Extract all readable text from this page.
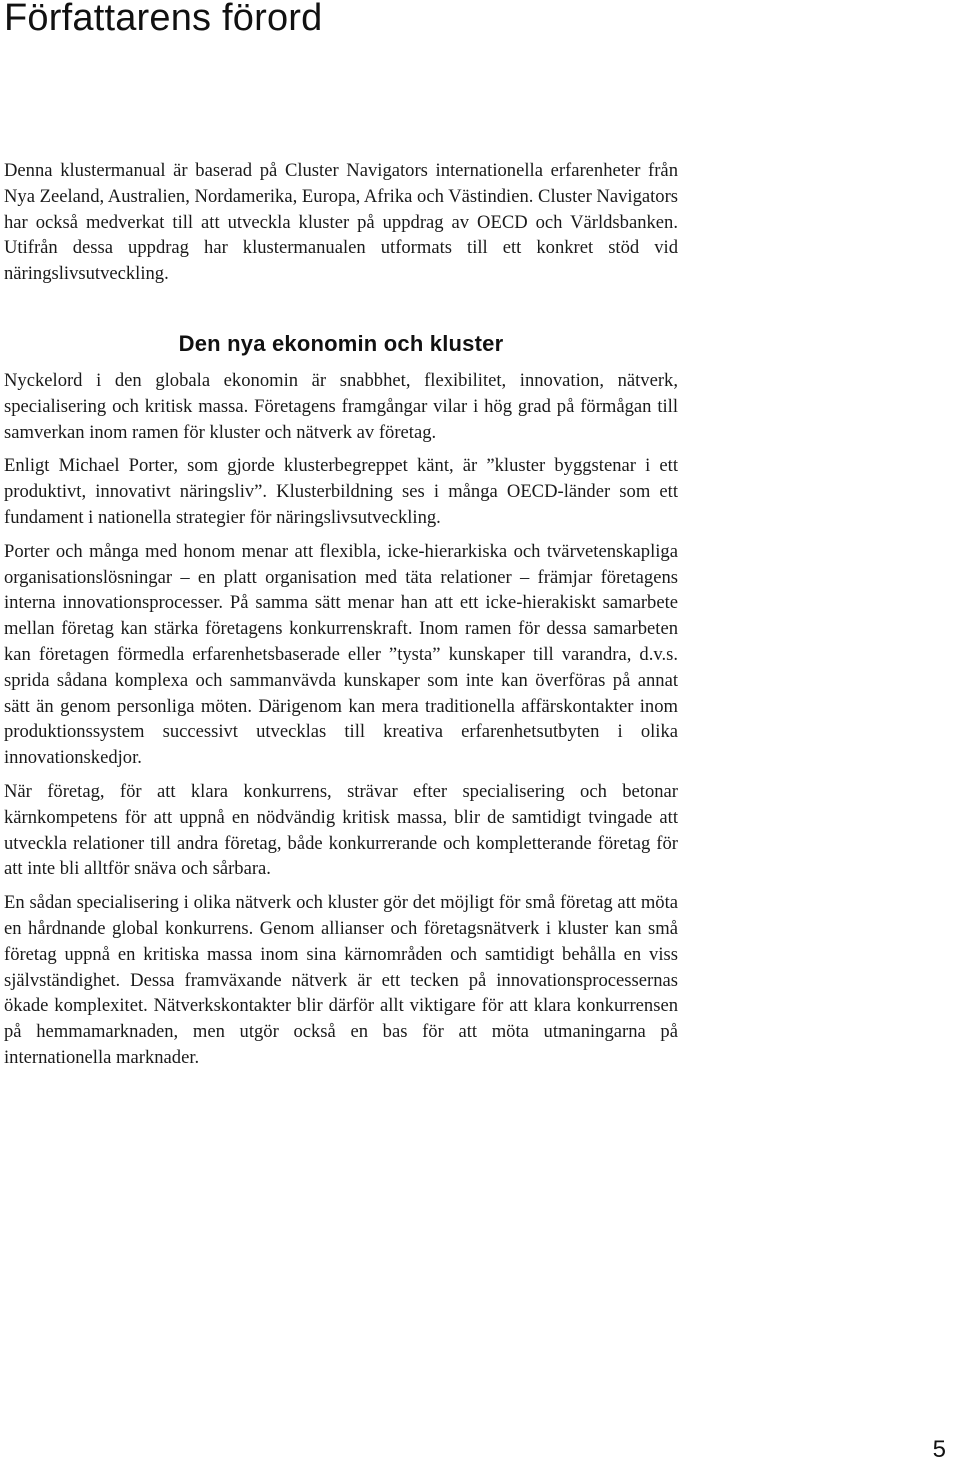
Författarens förord

Denna klustermanual är baserad på Cluster Navigators internationella erfarenheter från Nya Zeeland, Australien, Nordamerika, Europa, Afrika och Västindien. Cluster Navigators har också medverkat till att utveckla kluster på uppdrag av OECD och Världsbanken. Utifrån dessa uppdrag har klustermanualen utformats till ett konkret stöd vid näringslivsutveckling.

Den nya ekonomin och kluster

Nyckelord i den globala ekonomin är snabbhet, flexibilitet, innovation, nätverk, specialisering och kritisk massa. Företagens framgångar vilar i hög grad på förmågan till samverkan inom ramen för kluster och nätverk av företag.

Enligt Michael Porter, som gjorde klusterbegreppet känt, är ”kluster byggstenar i ett produktivt, innovativt näringsliv”. Klusterbildning ses i många OECD-länder som ett fundament i nationella strategier för näringslivsutveckling.

Porter och många med honom menar att flexibla, icke-hierarkiska och tvärvetenskapliga organisationslösningar – en platt organisation med täta relationer – främjar företagens interna innovationsprocesser. På samma sätt menar han att ett icke-hierakiskt samarbete mellan företag kan stärka företagens konkurrenskraft. Inom ramen för dessa samarbeten kan företagen förmedla erfarenhetsbaserade eller ”tysta” kunskaper till varandra, d.v.s. sprida sådana komplexa och sammanvävda kunskaper som inte kan överföras på annat sätt än genom personliga möten. Därigenom kan mera traditionella affärskontakter inom produktionssystem successivt utvecklas till kreativa erfarenhetsutbyten i olika innovationskedjor.

När företag, för att klara konkurrens, strävar efter specialisering och betonar kärnkompetens för att uppnå en nödvändig kritisk massa, blir de samtidigt tvingade att utveckla relationer till andra företag, både konkurrerande och kompletterande företag för att inte bli alltför snäva och sårbara.

En sådan specialisering i olika nätverk och kluster gör det möjligt för små företag att möta en hårdnande global konkurrens. Genom allianser och företagsnätverk i kluster kan små företag uppnå en kritiska massa inom sina kärnområden och samtidigt behålla en viss självständighet. Dessa framväxande nätverk är ett tecken på innovationsprocessernas ökade komplexitet. Nätverkskontakter blir därför allt viktigare för att klara konkurrensen på hemmamarknaden, men utgör också en bas för att möta utmaningarna på internationella marknader.

5
